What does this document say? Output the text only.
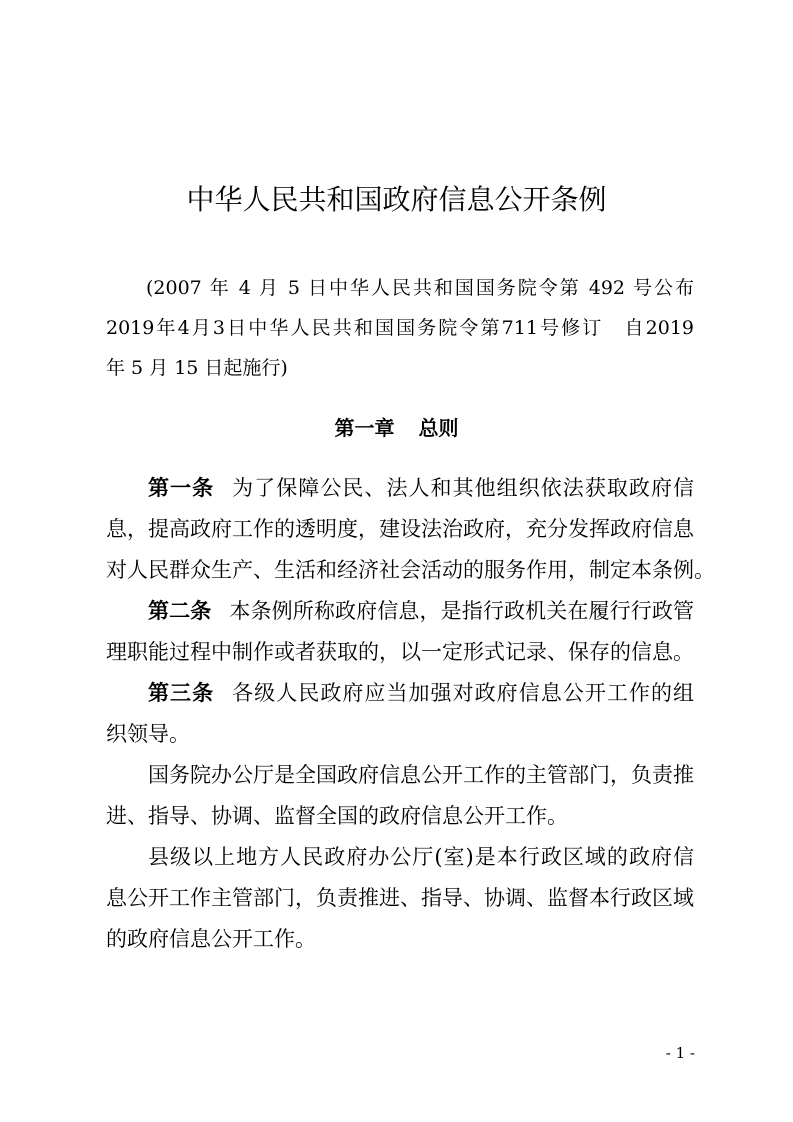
中华人民共和国政府信息公开条例
(2007 年 4 月 5 日中华人民共和国国务院令第 492 号公布
2019年4月3日中华人民共和国国务院令第711号修订　自2019
年 5 月 15 日起施行)
第一章 总则
第一条 为了保障公民、法人和其他组织依法获取政府信
息，提高政府工作的透明度，建设法治政府，充分发挥政府信息
对人民群众生产、生活和经济社会活动的服务作用，制定本条例。
第二条 本条例所称政府信息，是指行政机关在履行行政管
理职能过程中制作或者获取的，以一定形式记录、保存的信息。
第三条 各级人民政府应当加强对政府信息公开工作的组
织领导。
国务院办公厅是全国政府信息公开工作的主管部门，负责推
进、指导、协调、监督全国的政府信息公开工作。
县级以上地方人民政府办公厅(室)是本行政区域的政府信
息公开工作主管部门，负责推进、指导、协调、监督本行政区域
的政府信息公开工作。
- 1 -
